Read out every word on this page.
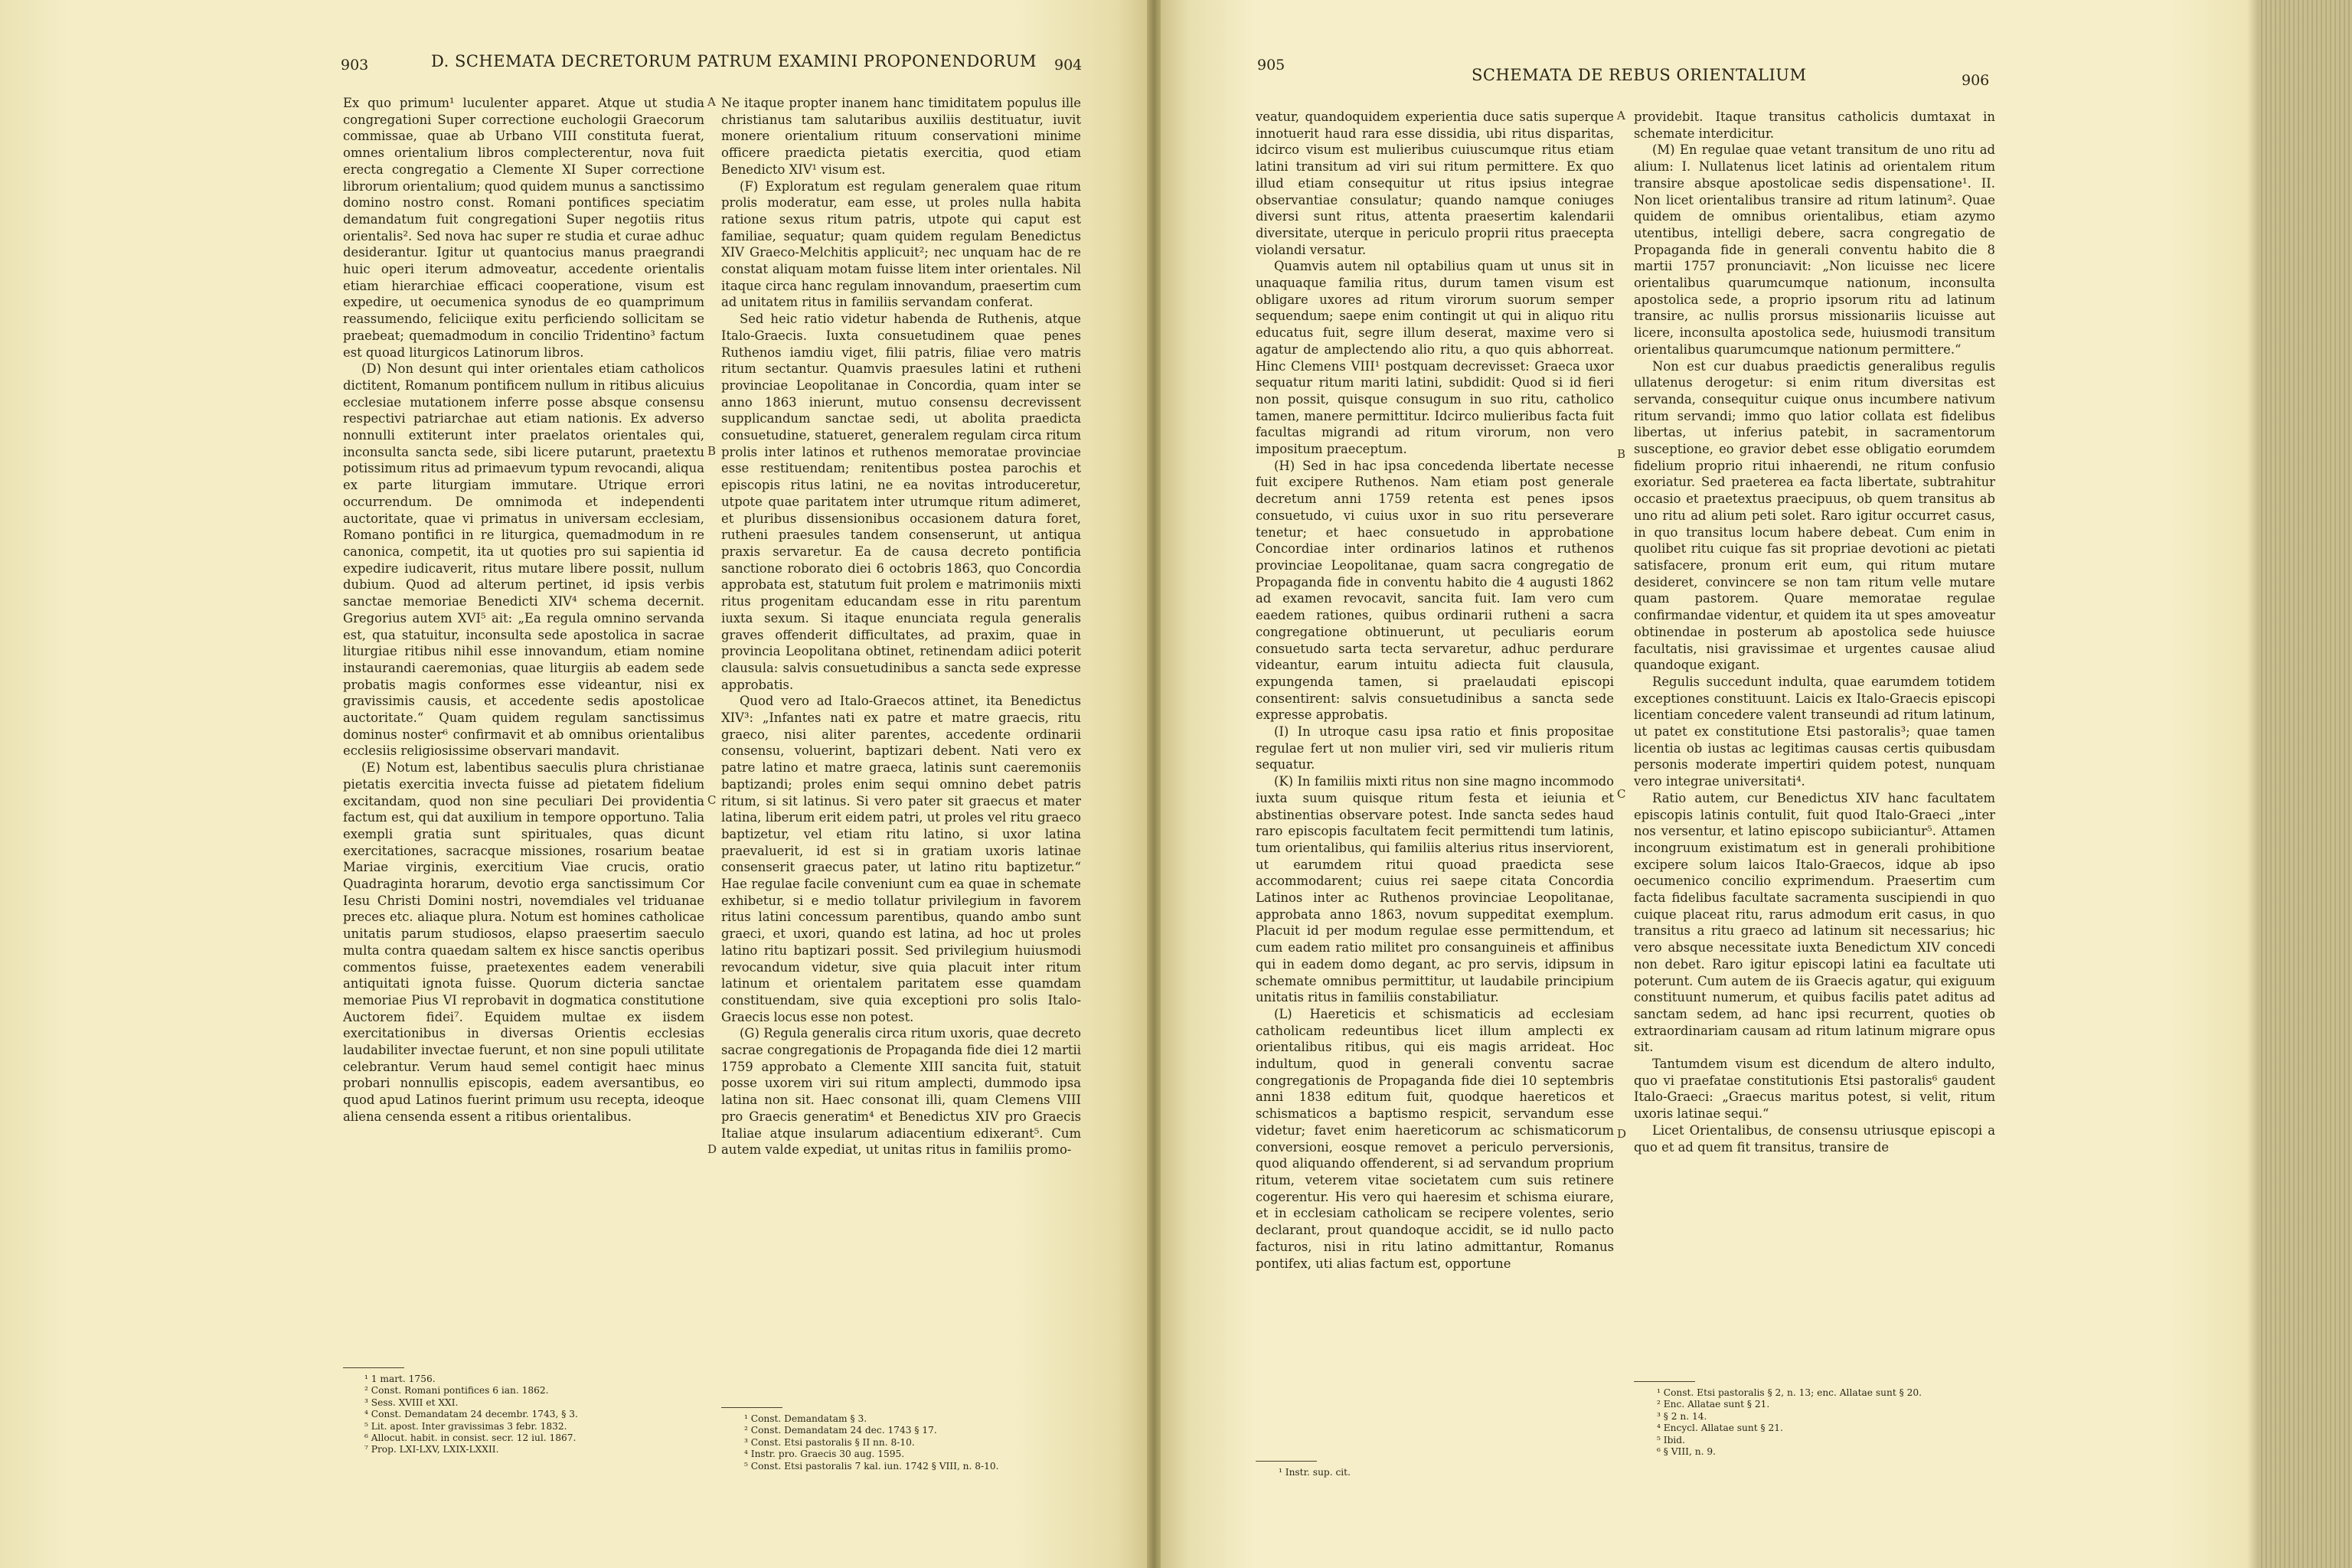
903	D. SCHEMATA DECRETORUM PATRUM EXAMINI PROPONENDORUM 904

Ex quo primum¹ luculenter apparet. Atque ut studia congregationi Super correctione euchologii Graecorum commissae, quae ab Urbano VIII constituta fuerat, omnes orientalium libros complecterentur, nova fuit erecta congregatio a Clemente XI Super correctione librorum orientalium; quod quidem munus a sanctissimo domino nostro const. Romani pontifices speciatim demandatum fuit congregationi Super negotiis ritus orientalis². Sed nova hac super re studia et curae adhuc desiderantur. Igitur ut quantocius manus praegrandi huic operi iterum admoveatur, accedente orientalis etiam hierarchiae efficaci cooperatione, visum est expedire, ut oecumenica synodus de eo quamprimum reassumendo, feliciique exitu perficiendo sollicitam se praebeat; quemadmodum in concilio Tridentino³ factum est quoad liturgicos Latinorum libros.

(D) Non desunt qui inter orientales etiam catholicos dictitent, Romanum pontificem nullum in ritibus alicuius ecclesiae mutationem inferre posse absque consensu respectivi patriarchae aut etiam nationis. Ex adverso nonnulli extiterunt inter praelatos orientales qui, inconsulta sancta sede, sibi licere putarunt, praetextu potissimum ritus ad primaevum typum revocandi, aliqua ex parte liturgiam immutare. Utrique errori occurrendum. De omnimoda et independenti auctoritate, quae vi primatus in universam ecclesiam, Romano pontifici in re liturgica, quemadmodum in re canonica, competit, ita ut quoties pro sui sapientia id expedire iudicaverit, ritus mutare libere possit, nullum dubium. Quod ad alterum pertinet, id ipsis verbis sanctae memoriae Benedicti XIV⁴ schema decernit. Gregorius autem XVI⁵ ait: „Ea regula omnino servanda est, qua statuitur, inconsulta sede apostolica in sacrae liturgiae ritibus nihil esse innovandum, etiam nomine instaurandi caeremonias, quae liturgiis ab eadem sede probatis magis conformes esse videantur, nisi ex gravissimis causis, et accedente sedis apostolicae auctoritate.“ Quam quidem regulam sanctissimus dominus noster⁶ confirmavit et ab omnibus orientalibus ecclesiis religiosissime observari mandavit.

(E) Notum est, labentibus saeculis plura christianae pietatis exercitia invecta fuisse ad pietatem fidelium excitandam, quod non sine peculiari Dei providentia factum est, qui dat auxilium in tempore opportuno. Talia exempli gratia sunt spirituales, quas dicunt exercitationes, sacracque missiones, rosarium beatae Mariae virginis, exercitium Viae crucis, oratio Quadraginta horarum, devotio erga sanctissimum Cor Iesu Christi Domini nostri, novemdiales vel triduanae preces etc. aliaque plura. Notum est homines catholicae unitatis parum studiosos, elapso praesertim saeculo multa contra quaedam saltem ex hisce sanctis operibus commentos fuisse, praetexentes eadem venerabili antiquitati ignota fuisse. Quorum dicteria sanctae memoriae Pius VI reprobavit in dogmatica constitutione Auctorem fidei⁷. Equidem multae ex iisdem exercitationibus in diversas Orientis ecclesias laudabiliter invectae fuerunt, et non sine populi utilitate celebrantur. Verum haud semel contigit haec minus probari nonnullis episcopis, eadem aversantibus, eo quod apud Latinos fuerint primum usu recepta, ideoque aliena censenda essent a ritibus orientalibus.

¹ 1 mart. 1756.
² Const. Romani pontifices 6 ian. 1862.
³ Sess. XVIII et XXI.
⁴ Const. Demandatam 24 decembr. 1743, § 3.
⁵ Lit. apost. Inter gravissimas 3 febr. 1832.
⁶ Allocut. habit. in consist. secr. 12 iul. 1867.
⁷ Prop. LXI-LXV, LXIX-LXXII.
A
B
C
D

Ne itaque propter inanem hanc timiditatem populus ille christianus tam salutaribus auxiliis destituatur, iuvit monere orientalium rituum conservationi minime officere praedicta pietatis exercitia, quod etiam Benedicto XIV¹ visum est.

(F) Exploratum est regulam generalem quae ritum prolis moderatur, eam esse, ut proles nulla habita ratione sexus ritum patris, utpote qui caput est familiae, sequatur; quam quidem regulam Benedictus XIV Graeco-Melchitis applicuit²; nec unquam hac de re constat aliquam motam fuisse litem inter orientales. Nil itaque circa hanc regulam innovandum, praesertim cum ad unitatem ritus in familiis servandam conferat.

Sed heic ratio videtur habenda de Ruthenis, atque Italo-Graecis. Iuxta consuetudinem quae penes Ruthenos iamdiu viget, filii patris, filiae vero matris ritum sectantur. Quamvis praesules latini et rutheni provinciae Leopolitanae in Concordia, quam inter se anno 1863 inierunt, mutuo consensu decrevissent supplicandum sanctae sedi, ut abolita praedicta consuetudine, statueret, generalem regulam circa ritum prolis inter latinos et ruthenos memoratae provinciae esse restituendam; renitentibus postea parochis et episcopis ritus latini, ne ea novitas introduceretur, utpote quae paritatem inter utrumque ritum adimeret, et pluribus dissensionibus occasionem datura foret, rutheni praesules tandem consenserunt, ut antiqua praxis servaretur. Ea de causa decreto pontificia sanctione roborato diei 6 octobris 1863, quo Concordia approbata est, statutum fuit prolem e matrimoniis mixti ritus progenitam educandam esse in ritu parentum iuxta sexum. Si itaque enunciata regula generalis graves offenderit difficultates, ad praxim, quae in provincia Leopolitana obtinet, retinendam adiici poterit clausula: salvis consuetudinibus a sancta sede expresse approbatis.

Quod vero ad Italo-Graecos attinet, ita Benedictus XIV³: „Infantes nati ex patre et matre graecis, ritu graeco, nisi aliter parentes, accedente ordinarii consensu, voluerint, baptizari debent. Nati vero ex patre latino et matre graeca, latinis sunt caeremoniis baptizandi; proles enim sequi omnino debet patris ritum, si sit latinus. Si vero pater sit graecus et mater latina, liberum erit eidem patri, ut proles vel ritu graeco baptizetur, vel etiam ritu latino, si uxor latina praevaluerit, id est si in gratiam uxoris latinae consenserit graecus pater, ut latino ritu baptizetur.“ Hae regulae facile conveniunt cum ea quae in schemate exhibetur, si e medio tollatur privilegium in favorem ritus latini concessum parentibus, quando ambo sunt graeci, et uxori, quando est latina, ad hoc ut proles latino ritu baptizari possit. Sed privilegium huiusmodi revocandum videtur, sive quia placuit inter ritum latinum et orientalem paritatem esse quamdam constituendam, sive quia exceptioni pro solis Italo-Graecis locus esse non potest.

(G) Regula generalis circa ritum uxoris, quae decreto sacrae congregationis de Propaganda fide diei 12 martii 1759 approbato a Clemente XIII sancita fuit, statuit posse uxorem viri sui ritum amplecti, dummodo ipsa latina non sit. Haec consonat illi, quam Clemens VIII pro Graecis generatim⁴ et Benedictus XIV pro Graecis Italiae atque insularum adiacentium edixerant⁵. Cum autem valde expediat, ut unitas ritus in familiis promo-

¹ Const. Demandatam § 3.
² Const. Demandatam 24 dec. 1743 § 17.
³ Const. Etsi pastoralis § II nn. 8-10.
⁴ Instr. pro. Graecis 30 aug. 1595.
⁵ Const. Etsi pastoralis 7 kal. iun. 1742 § VIII, n. 8-10.
905
SCHEMATA DE REBUS ORIENTALIUM	906

veatur, quandoquidem experientia duce satis superque innotuerit haud rara esse dissidia, ubi ritus disparitas, idcirco visum est mulieribus cuiuscumque ritus etiam latini transitum ad viri sui ritum permittere. Ex quo illud etiam consequitur ut ritus ipsius integrae observantiae consulatur; quando namque coniuges diversi sunt ritus, attenta praesertim kalendarii diversitate, uterque in periculo proprii ritus praecepta violandi versatur.

Quamvis autem nil optabilius quam ut unus sit in unaquaque familia ritus, durum tamen visum est obligare uxores ad ritum virorum suorum semper sequendum; saepe enim contingit ut qui in aliquo ritu educatus fuit, segre illum deserat, maxime vero si agatur de amplectendo alio ritu, a quo quis abhorreat. Hinc Clemens VIII¹ postquam decrevisset: Graeca uxor sequatur ritum mariti latini, subdidit: Quod si id fieri non possit, quisque consugum in suo ritu, catholico tamen, manere permittitur. Idcirco mulieribus facta fuit facultas migrandi ad ritum virorum, non vero impositum praeceptum.

(H) Sed in hac ipsa concedenda libertate necesse fuit excipere Ruthenos. Nam etiam post generale decretum anni 1759 retenta est penes ipsos consuetudo, vi cuius uxor in suo ritu perseverare tenetur; et haec consuetudo in approbatione Concordiae inter ordinarios latinos et ruthenos provinciae Leopolitanae, quam sacra congregatio de Propaganda fide in conventu habito die 4 augusti 1862 ad examen revocavit, sancita fuit. Iam vero cum eaedem rationes, quibus ordinarii rutheni a sacra congregatione obtinuerunt, ut peculiaris eorum consuetudo sarta tecta servaretur, adhuc perdurare videantur, earum intuitu adiecta fuit clausula, expungenda tamen, si praelaudati episcopi consentirent: salvis consuetudinibus a sancta sede expresse approbatis.

(I) In utroque casu ipsa ratio et finis propositae regulae fert ut non mulier viri, sed vir mulieris ritum sequatur.

(K) In familiis mixti ritus non sine magno incommodo iuxta suum quisque ritum festa et ieiunia et abstinentias observare potest. Inde sancta sedes haud raro episcopis facultatem fecit permittendi tum latinis, tum orientalibus, qui familiis alterius ritus inserviorent, ut earumdem ritui quoad praedicta sese accommodarent; cuius rei saepe citata Concordia Latinos inter ac Ruthenos provinciae Leopolitanae, approbata anno 1863, novum suppeditat exemplum. Placuit id per modum regulae esse permittendum, et cum eadem ratio militet pro consanguineis et affinibus qui in eadem domo degant, ac pro servis, idipsum in schemate omnibus permittitur, ut laudabile principium unitatis ritus in familiis constabiliatur.

(L) Haereticis et schismaticis ad ecclesiam catholicam redeuntibus licet illum amplecti ex orientalibus ritibus, qui eis magis arrideat. Hoc indultum, quod in generali conventu sacrae congregationis de Propaganda fide diei 10 septembris anni 1838 editum fuit, quodque haereticos et schismaticos a baptismo respicit, servandum esse videtur; favet enim haereticorum ac schismaticorum conversioni, eosque removet a periculo perversionis, quod aliquando offenderent, si ad servandum proprium ritum, veterem vitae societatem cum suis retinere cogerentur. His vero qui haeresim et schisma eiurare, et in ecclesiam catholicam se recipere volentes, serio declarant, prout quandoque accidit, se id nullo pacto facturos, nisi in ritu latino admittantur, Romanus pontifex, uti alias factum est, opportune

¹ Instr. sup. cit.
A
B
C
D

providebit. Itaque transitus catholicis dumtaxat in schemate interdicitur.

(M) En regulae quae vetant transitum de uno ritu ad alium: I. Nullatenus licet latinis ad orientalem ritum transire absque apostolicae sedis dispensatione¹. II. Non licet orientalibus transire ad ritum latinum². Quae quidem de omnibus orientalibus, etiam azymo utentibus, intelligi debere, sacra congregatio de Propaganda fide in generali conventu habito die 8 martii 1757 pronunciavit: „Non licuisse nec licere orientalibus quarumcumque nationum, inconsulta apostolica sede, a proprio ipsorum ritu ad latinum transire, ac nullis prorsus missionariis licuisse aut licere, inconsulta apostolica sede, huiusmodi transitum orientalibus quarumcumque nationum permittere.“

Non est cur duabus praedictis generalibus regulis ullatenus derogetur: si enim ritum diversitas est servanda, consequitur cuique onus incumbere nativum ritum servandi; immo quo latior collata est fidelibus libertas, ut inferius patebit, in sacramentorum susceptione, eo gravior debet esse obligatio eorumdem fidelium proprio ritui inhaerendi, ne ritum confusio exoriatur. Sed praeterea ea facta libertate, subtrahitur occasio et praetextus praecipuus, ob quem transitus ab uno ritu ad alium peti solet. Raro igitur occurret casus, in quo transitus locum habere debeat. Cum enim in quolibet ritu cuique fas sit propriae devotioni ac pietati satisfacere, pronum erit eum, qui ritum mutare desideret, convincere se non tam ritum velle mutare quam pastorem. Quare memoratae regulae confirmandae videntur, et quidem ita ut spes amoveatur obtinendae in posterum ab apostolica sede huiusce facultatis, nisi gravissimae et urgentes causae aliud quandoque exigant.

Regulis succedunt indulta, quae earumdem totidem exceptiones constituunt. Laicis ex Italo-Graecis episcopi licentiam concedere valent transeundi ad ritum latinum, ut patet ex constitutione Etsi pastoralis³; quae tamen licentia ob iustas ac legitimas causas certis quibusdam personis moderate impertiri quidem potest, nunquam vero integrae universitati⁴.

Ratio autem, cur Benedictus XIV hanc facultatem episcopis latinis contulit, fuit quod Italo-Graeci „inter nos versentur, et latino episcopo subiiciantur⁵. Attamen incongruum existimatum est in generali prohibitione excipere solum laicos Italo-Graecos, idque ab ipso oecumenico concilio exprimendum. Praesertim cum facta fidelibus facultate sacramenta suscipiendi in quo cuique placeat ritu, rarus admodum erit casus, in quo transitus a ritu graeco ad latinum sit necessarius; hic vero absque necessitate iuxta Benedictum XIV concedi non debet. Raro igitur episcopi latini ea facultate uti poterunt. Cum autem de iis Graecis agatur, qui exiguum constituunt numerum, et quibus facilis patet aditus ad sanctam sedem, ad hanc ipsi recurrent, quoties ob extraordinariam causam ad ritum latinum migrare opus sit.

Tantumdem visum est dicendum de altero indulto, quo vi praefatae constitutionis Etsi pastoralis⁶ gaudent Italo-Graeci: „Graecus maritus potest, si velit, ritum uxoris latinae sequi.“

Licet Orientalibus, de consensu utriusque episcopi a quo et ad quem fit transitus, transire de

¹ Const. Etsi pastoralis § 2, n. 13; enc. Allatae sunt § 20.
² Enc. Allatae sunt § 21.
³ § 2 n. 14.
⁴ Encycl. Allatae sunt § 21.
⁵ Ibid.
⁶ § VIII, n. 9.
